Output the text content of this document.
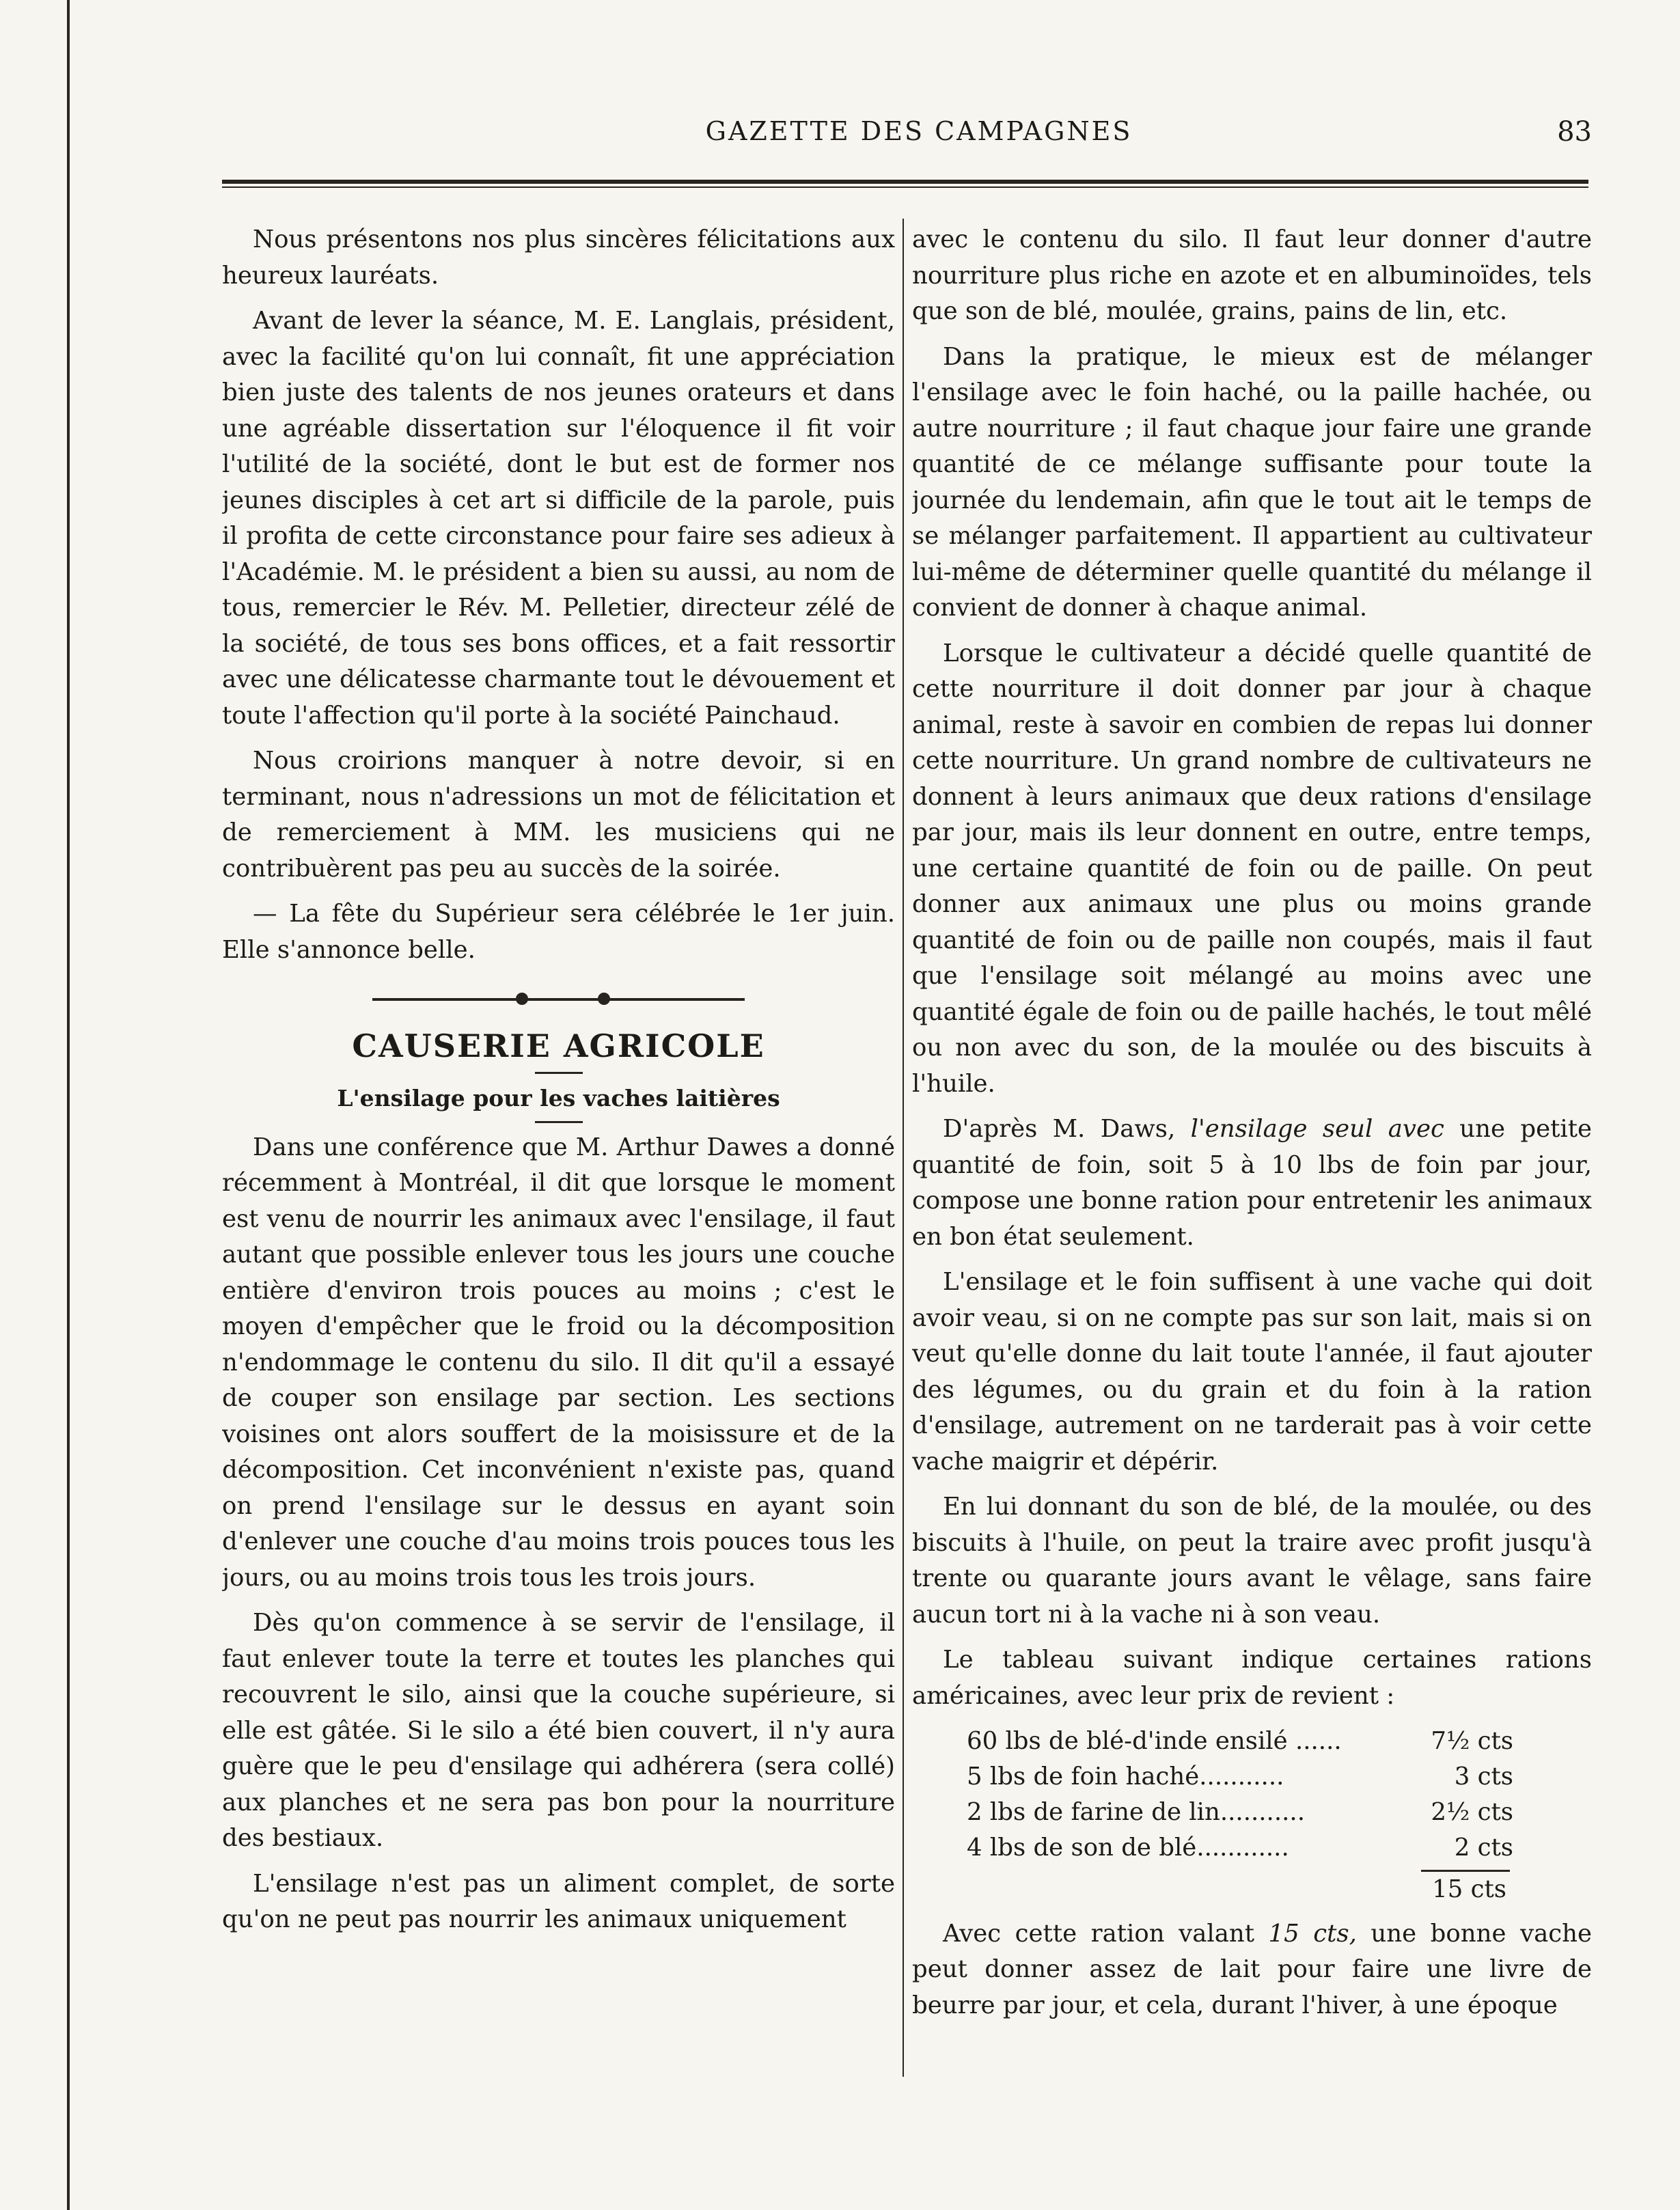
GAZETTE DES CAMPAGNES	83

Nous présentons nos plus sincères félicitations aux heureux lauréats.

Avant de lever la séance, M. E. Langlais, président, avec la facilité qu'on lui connaît, fit une appréciation bien juste des talents de nos jeunes orateurs et dans une agréable dissertation sur l'éloquence il fit voir l'utilité de la société, dont le but est de former nos jeunes disciples à cet art si difficile de la parole, puis il profita de cette circonstance pour faire ses adieux à l'Académie. M. le président a bien su aussi, au nom de tous, remercier le Rév. M. Pelletier, directeur zélé de la société, de tous ses bons offices, et a fait ressortir avec une délicatesse charmante tout le dévouement et toute l'affection qu'il porte à la société Painchaud.

Nous croirions manquer à notre devoir, si en terminant, nous n'adressions un mot de félicitation et de remerciement à MM. les musiciens qui ne contribuèrent pas peu au succès de la soirée.

— La fête du Supérieur sera célébrée le 1er juin. Elle s'annonce belle.

CAUSERIE AGRICOLE
L'ensilage pour les vaches laitières

Dans une conférence que M. Arthur Dawes a donné récemment à Montréal, il dit que lorsque le moment est venu de nourrir les animaux avec l'ensilage, il faut autant que possible enlever tous les jours une couche entière d'environ trois pouces au moins ; c'est le moyen d'empêcher que le froid ou la décomposition n'endommage le contenu du silo. Il dit qu'il a essayé de couper son ensilage par section. Les sections voisines ont alors souffert de la moisissure et de la décomposition. Cet inconvénient n'existe pas, quand on prend l'ensilage sur le dessus en ayant soin d'enlever une couche d'au moins trois pouces tous les jours, ou au moins trois tous les trois jours.

Dès qu'on commence à se servir de l'ensilage, il faut enlever toute la terre et toutes les planches qui recouvrent le silo, ainsi que la couche supérieure, si elle est gâtée. Si le silo a été bien couvert, il n'y aura guère que le peu d'ensilage qui adhérera (sera collé) aux planches et ne sera pas bon pour la nourriture des bestiaux.

L'ensilage n'est pas un aliment complet, de sorte qu'on ne peut pas nourrir les animaux uniquement

avec le contenu du silo. Il faut leur donner d'autre nourriture plus riche en azote et en albuminoïdes, tels que son de blé, moulée, grains, pains de lin, etc.

Dans la pratique, le mieux est de mélanger l'ensilage avec le foin haché, ou la paille hachée, ou autre nourriture ; il faut chaque jour faire une grande quantité de ce mélange suffisante pour toute la journée du lendemain, afin que le tout ait le temps de se mélanger parfaitement. Il appartient au cultivateur lui-même de déterminer quelle quantité du mélange il convient de donner à chaque animal.

Lorsque le cultivateur a décidé quelle quantité de cette nourriture il doit donner par jour à chaque animal, reste à savoir en combien de repas lui donner cette nourriture. Un grand nombre de cultivateurs ne donnent à leurs animaux que deux rations d'ensilage par jour, mais ils leur donnent en outre, entre temps, une certaine quantité de foin ou de paille. On peut donner aux animaux une plus ou moins grande quantité de foin ou de paille non coupés, mais il faut que l'ensilage soit mélangé au moins avec une quantité égale de foin ou de paille hachés, le tout mêlé ou non avec du son, de la moulée ou des biscuits à l'huile.

D'après M. Daws, l'ensilage seul avec une petite quantité de foin, soit 5 à 10 lbs de foin par jour, compose une bonne ration pour entretenir les animaux en bon état seulement.

L'ensilage et le foin suffisent à une vache qui doit avoir veau, si on ne compte pas sur son lait, mais si on veut qu'elle donne du lait toute l'année, il faut ajouter des légumes, ou du grain et du foin à la ration d'ensilage, autrement on ne tarderait pas à voir cette vache maigrir et dépérir.

En lui donnant du son de blé, de la moulée, ou des biscuits à l'huile, on peut la traire avec profit jusqu'à trente ou quarante jours avant le vêlage, sans faire aucun tort ni à la vache ni à son veau.

Le tableau suivant indique certaines rations américaines, avec leur prix de revient :

60 lbs de blé-d'inde ensilé ......	7½ cts
5 lbs de foin haché...........	3 cts
2 lbs de farine de lin...........	2½ cts
4 lbs de son de blé............	2 cts
15 cts

Avec cette ration valant 15 cts, une bonne vache peut donner assez de lait pour faire une livre de beurre par jour, et cela, durant l'hiver, à une époque
